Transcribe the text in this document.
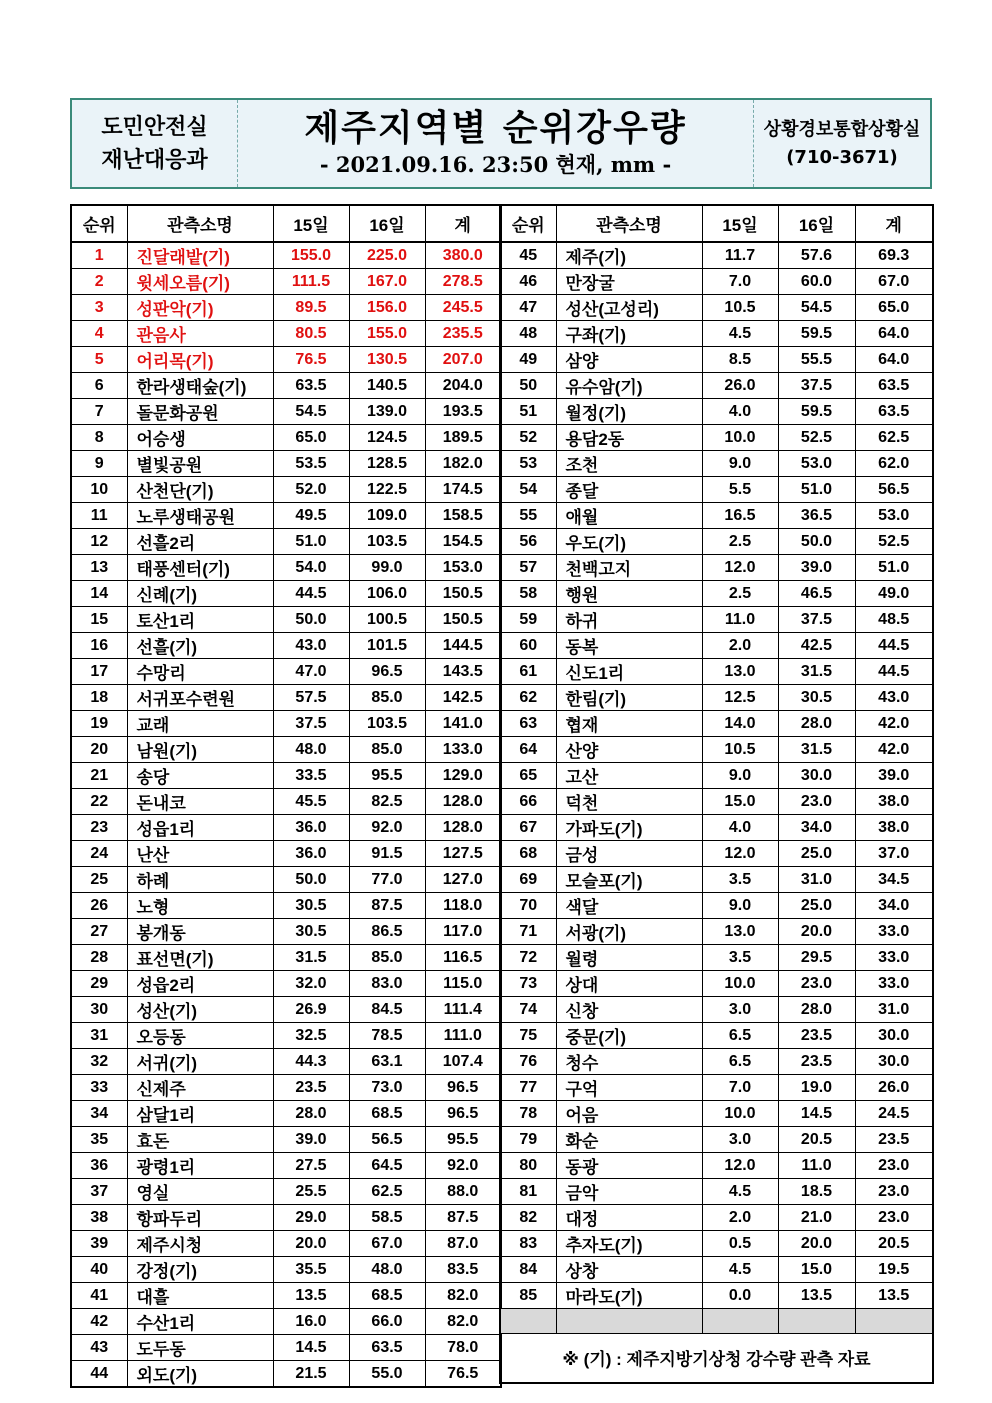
도민안전실
재난대응과
제주지역별 순위강우량
- 2021.09.16. 23:50 현재, mm -
상황경보통합상황실
(710-3671)
순위	관측소명	15일	16일	계
1	진달래밭(기)	155.0	225.0	380.0
2	윗세오름(기)	111.5	167.0	278.5
3	성판악(기)	89.5	156.0	245.5
4	관음사	80.5	155.0	235.5
5	어리목(기)	76.5	130.5	207.0
6	한라생태숲(기)	63.5	140.5	204.0
7	돌문화공원	54.5	139.0	193.5
8	어승생	65.0	124.5	189.5
9	별빛공원	53.5	128.5	182.0
10	산천단(기)	52.0	122.5	174.5
11	노루생태공원	49.5	109.0	158.5
12	선흘2리	51.0	103.5	154.5
13	태풍센터(기)	54.0	99.0	153.0
14	신례(기)	44.5	106.0	150.5
15	토산1리	50.0	100.5	150.5
16	선흘(기)	43.0	101.5	144.5
17	수망리	47.0	96.5	143.5
18	서귀포수련원	57.5	85.0	142.5
19	교래	37.5	103.5	141.0
20	남원(기)	48.0	85.0	133.0
21	송당	33.5	95.5	129.0
22	돈내코	45.5	82.5	128.0
23	성읍1리	36.0	92.0	128.0
24	난산	36.0	91.5	127.5
25	하례	50.0	77.0	127.0
26	노형	30.5	87.5	118.0
27	봉개동	30.5	86.5	117.0
28	표선면(기)	31.5	85.0	116.5
29	성읍2리	32.0	83.0	115.0
30	성산(기)	26.9	84.5	111.4
31	오등동	32.5	78.5	111.0
32	서귀(기)	44.3	63.1	107.4
33	신제주	23.5	73.0	96.5
34	삼달1리	28.0	68.5	96.5
35	효돈	39.0	56.5	95.5
36	광령1리	27.5	64.5	92.0
37	영실	25.5	62.5	88.0
38	항파두리	29.0	58.5	87.5
39	제주시청	20.0	67.0	87.0
40	강정(기)	35.5	48.0	83.5
41	대흘	13.5	68.5	82.0
42	수산1리	16.0	66.0	82.0
43	도두동	14.5	63.5	78.0
44	외도(기)	21.5	55.0	76.5
순위	관측소명	15일	16일	계
45	제주(기)	11.7	57.6	69.3
46	만장굴	7.0	60.0	67.0
47	성산(고성리)	10.5	54.5	65.0
48	구좌(기)	4.5	59.5	64.0
49	삼양	8.5	55.5	64.0
50	유수암(기)	26.0	37.5	63.5
51	월정(기)	4.0	59.5	63.5
52	용담2동	10.0	52.5	62.5
53	조천	9.0	53.0	62.0
54	종달	5.5	51.0	56.5
55	애월	16.5	36.5	53.0
56	우도(기)	2.5	50.0	52.5
57	천백고지	12.0	39.0	51.0
58	행원	2.5	46.5	49.0
59	하귀	11.0	37.5	48.5
60	동복	2.0	42.5	44.5
61	신도1리	13.0	31.5	44.5
62	한림(기)	12.5	30.5	43.0
63	협재	14.0	28.0	42.0
64	산양	10.5	31.5	42.0
65	고산	9.0	30.0	39.0
66	덕천	15.0	23.0	38.0
67	가파도(기)	4.0	34.0	38.0
68	금성	12.0	25.0	37.0
69	모슬포(기)	3.5	31.0	34.5
70	색달	9.0	25.0	34.0
71	서광(기)	13.0	20.0	33.0
72	월령	3.5	29.5	33.0
73	상대	10.0	23.0	33.0
74	신창	3.0	28.0	31.0
75	중문(기)	6.5	23.5	30.0
76	청수	6.5	23.5	30.0
77	구억	7.0	19.0	26.0
78	어음	10.0	14.5	24.5
79	화순	3.0	20.5	23.5
80	동광	12.0	11.0	23.0
81	금악	4.5	18.5	23.0
82	대정	2.0	21.0	23.0
83	추자도(기)	0.5	20.0	20.5
84	상창	4.5	15.0	19.5
85	마라도(기)	0.0	13.5	13.5

※ (기) : 제주지방기상청 강수량 관측 자료				
